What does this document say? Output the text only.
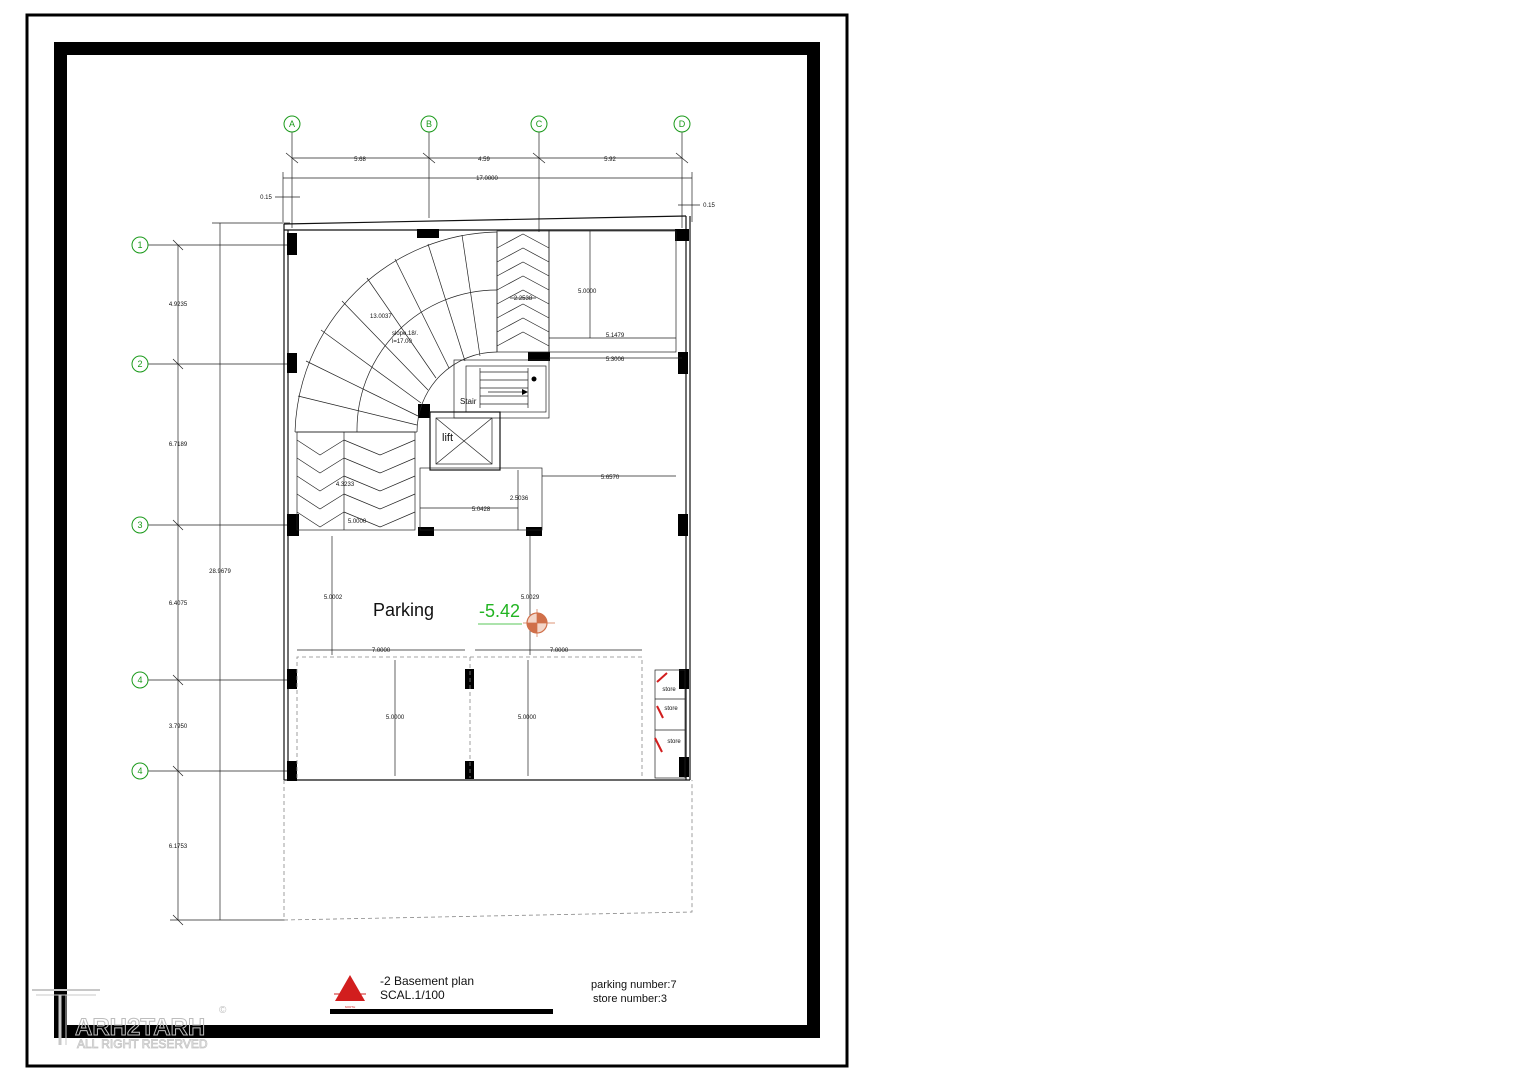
A	B	C	D
1
2
3
4
4
5.68	4.59	5.92
17.0000
0.15
0.15
4.9235
6.7189
6.4075
3.7950
6.1753
28.9679
13.0037
slope.18/.
l=17.00
2.2538
5.0000
5.1479
5.3006
Stair
lift
4.3233
5.0000
2.5036
5.0428
5.6570
5.0002	5.0029
Parking -5.42
7.0000	7.0000
5.0000	5.0000
store
store
store
NORTH
-2 Basement plan
SCAL.1/100
parking number:7
store number:3
ARH2TARH
©
ALL RIGHT RESERVED
